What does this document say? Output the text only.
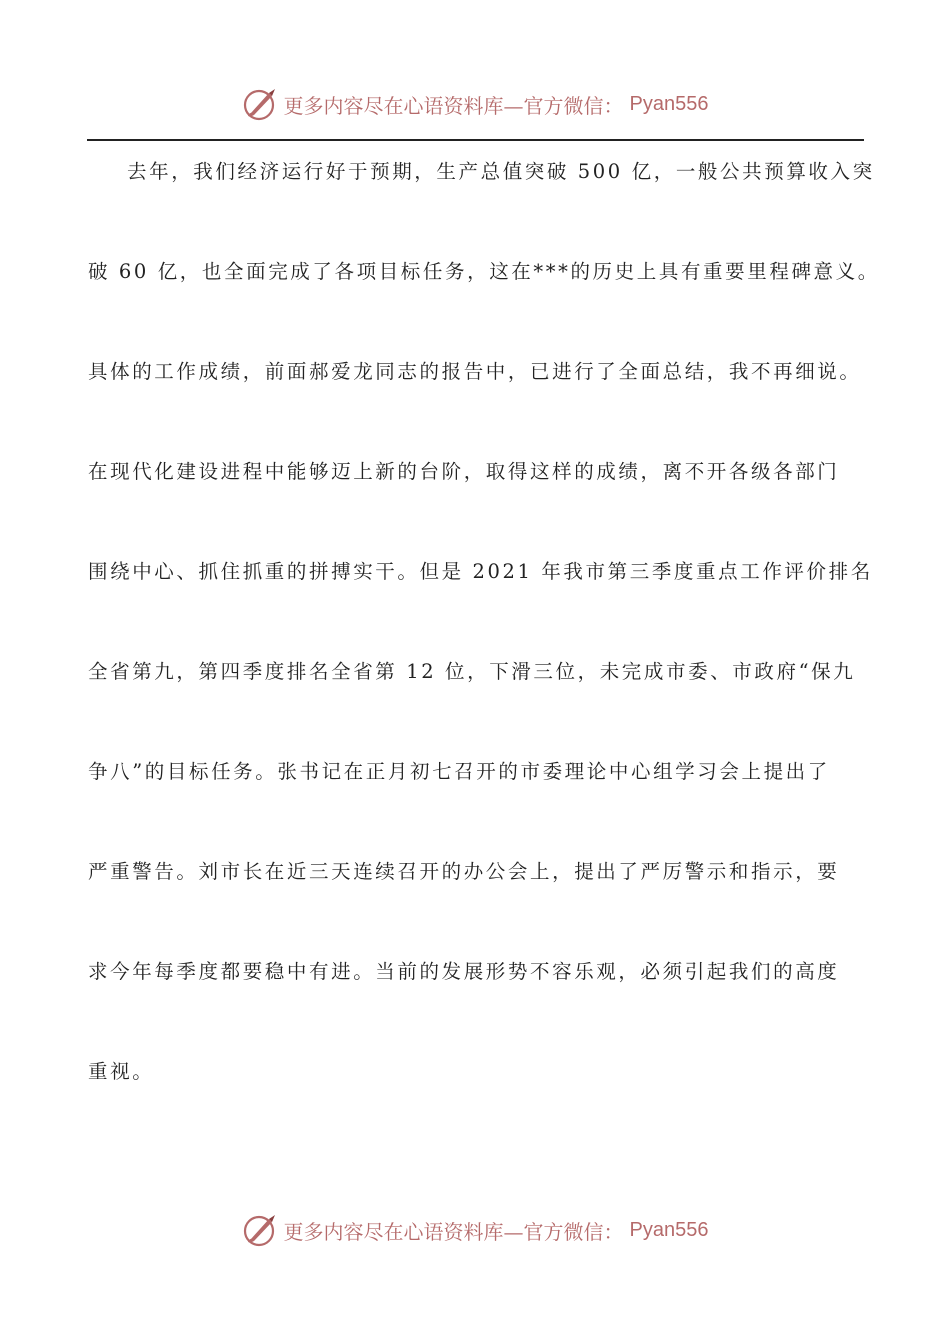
更多内容尽在心语资料库—官方微信： Pyan556
去年，我们经济运行好于预期，生产总值突破 500 亿，一般公共预算收入突
破 60 亿，也全面完成了各项目标任务，这在***的历史上具有重要里程碑意义。
具体的工作成绩，前面郝爱龙同志的报告中，已进行了全面总结，我不再细说。
在现代化建设进程中能够迈上新的台阶，取得这样的成绩，离不开各级各部门
围绕中心、抓住抓重的拼搏实干。但是 2021 年我市第三季度重点工作评价排名
全省第九，第四季度排名全省第 12 位，下滑三位，未完成市委、市政府“保九
争八”的目标任务。张书记在正月初七召开的市委理论中心组学习会上提出了
严重警告。刘市长在近三天连续召开的办公会上，提出了严厉警示和指示，要
求今年每季度都要稳中有进。当前的发展形势不容乐观，必须引起我们的高度
重视。
更多内容尽在心语资料库—官方微信： Pyan556
